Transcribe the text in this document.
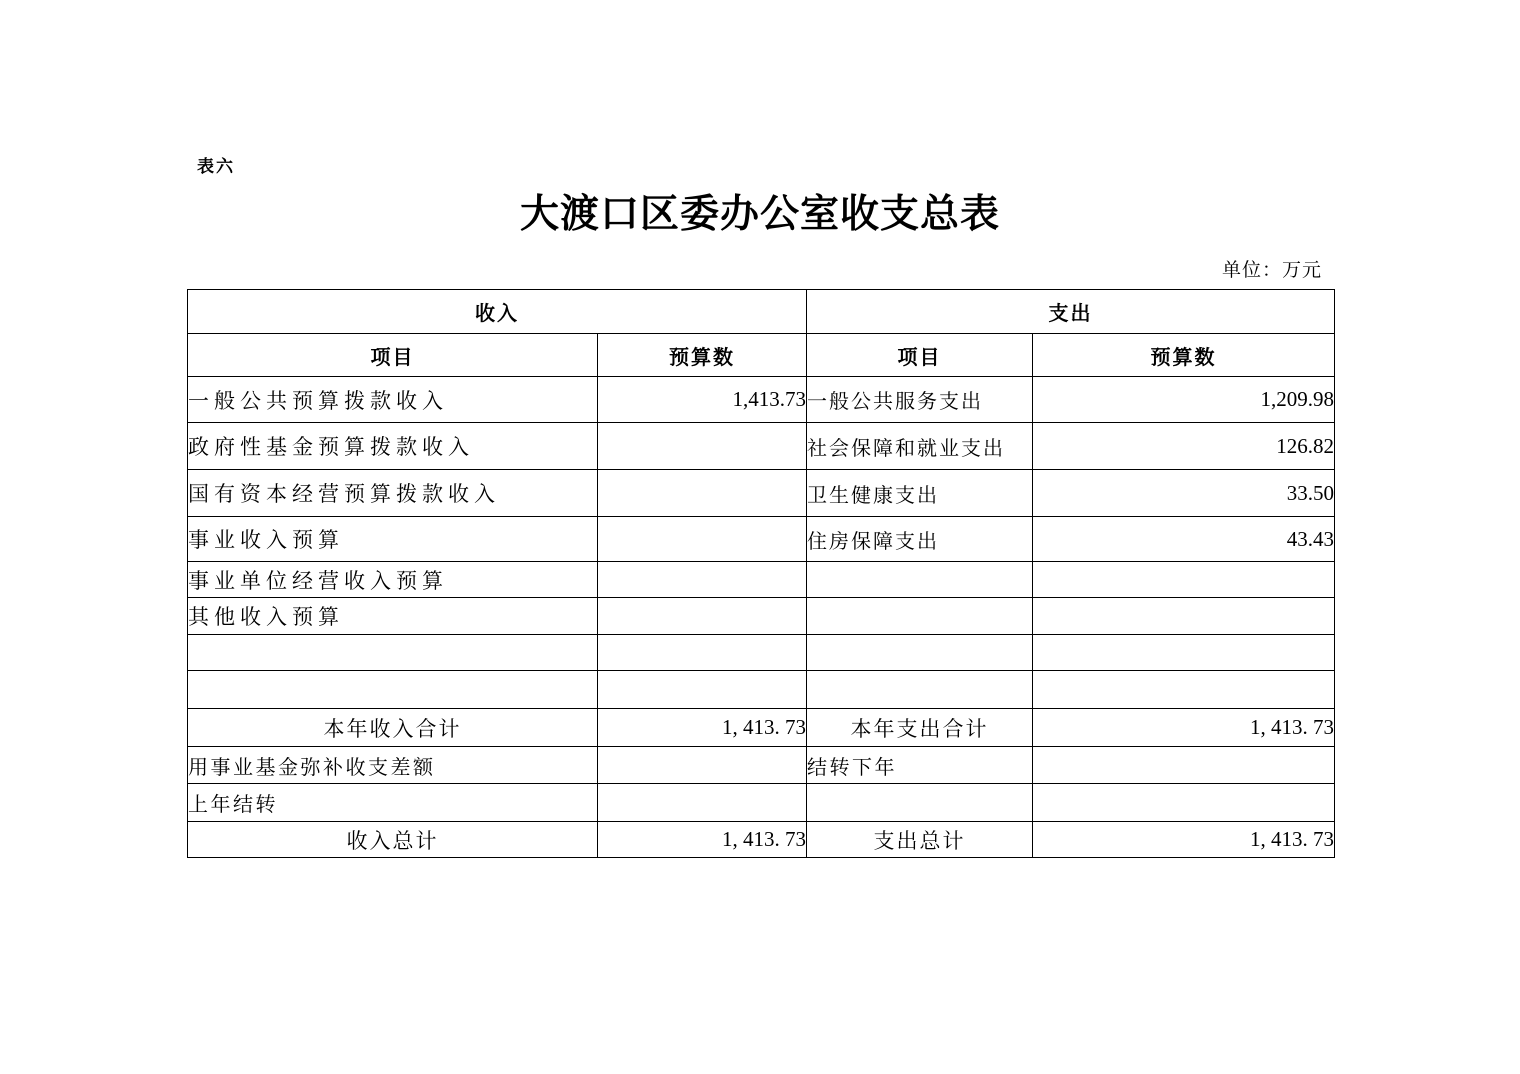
表六
大渡口区委办公室收支总表
单位：万元
收入		支出	
项目	预算数	项目	预算数
一般公共预算拨款收入	1,413.73	一般公共服务支出	1,209.98
政府性基金预算拨款收入		社会保障和就业支出	126.82
国有资本经营预算拨款收入		卫生健康支出	33.50
事业收入预算		住房保障支出	43.43
事业单位经营收入预算			
其他收入预算			

本年收入合计	1, 413. 73	本年支出合计	1, 413. 73
用事业基金弥补收支差额		结转下年	
上年结转			
收入总计	1, 413. 73	支出总计	1, 413. 73
